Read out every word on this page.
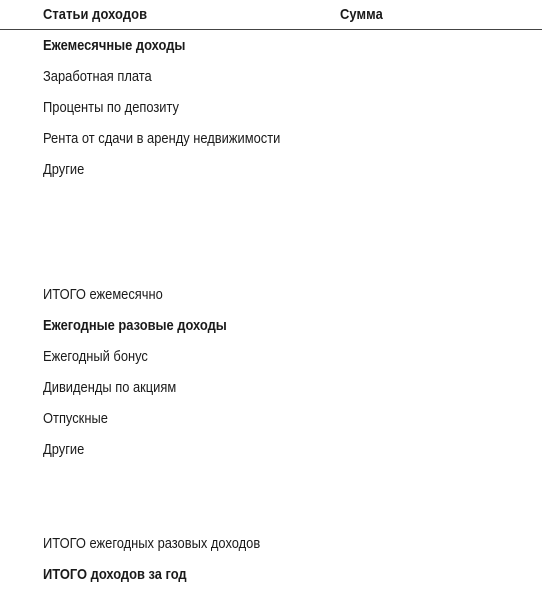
Статьи доходов	Сумма
Ежемесячные доходы
Заработная плата
Проценты по депозиту
Рента от сдачи в аренду недвижимости
Другие
ИТОГО ежемесячно
Ежегодные разовые доходы
Ежегодный бонус
Дивиденды по акциям
Отпускные
Другие
ИТОГО ежегодных разовых доходов
ИТОГО доходов за год
